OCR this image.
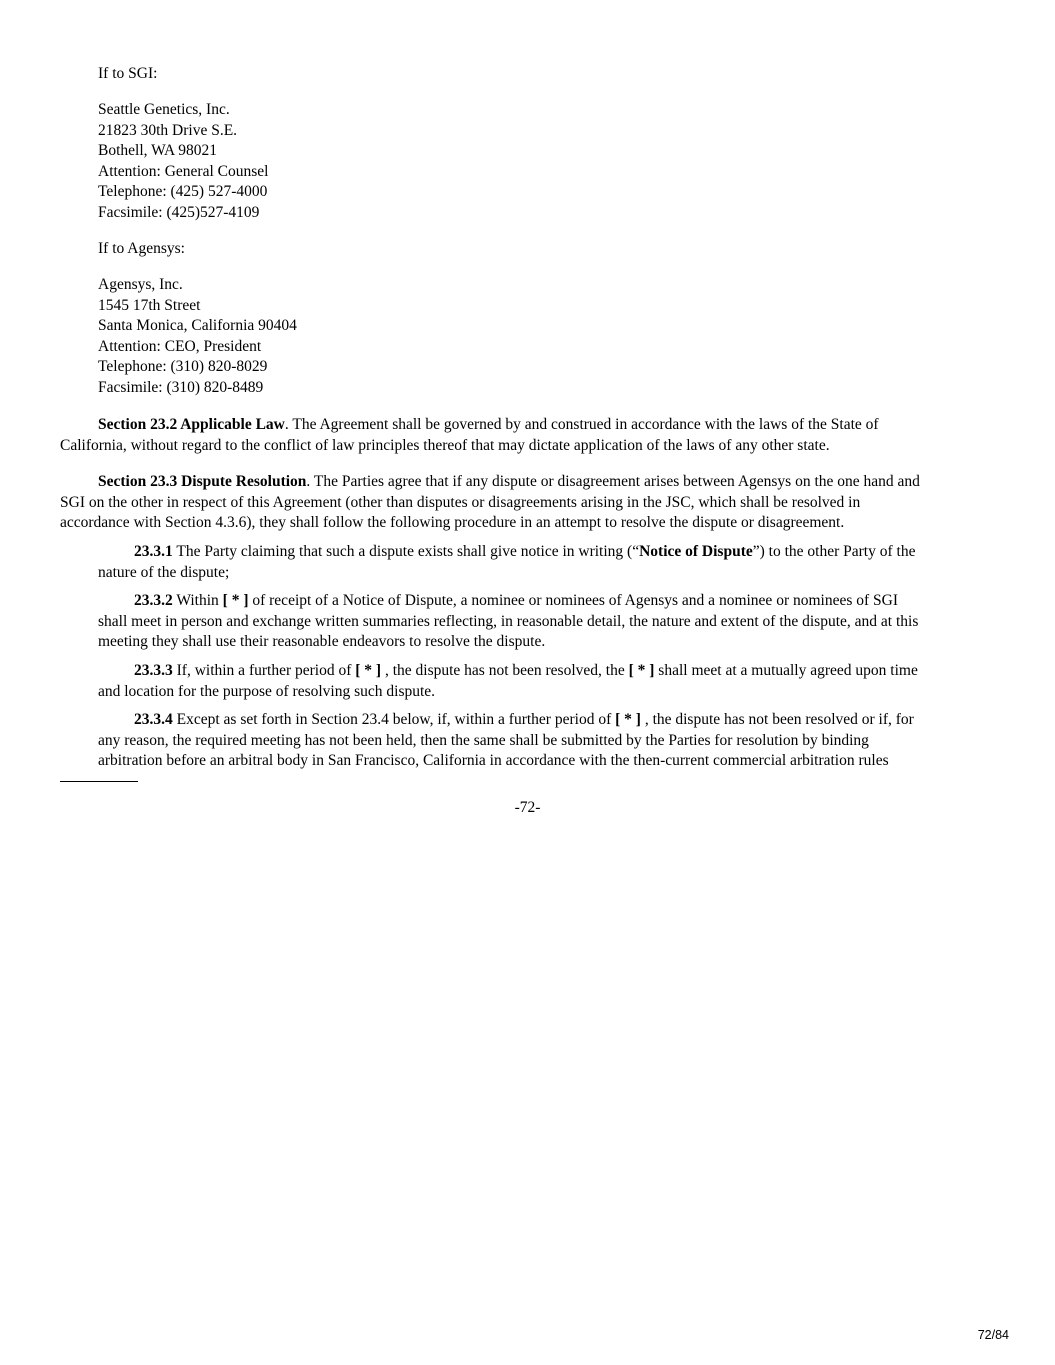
If to SGI:
Seattle Genetics, Inc.
21823 30th Drive S.E.
Bothell, WA 98021
Attention: General Counsel
Telephone: (425) 527-4000
Facsimile: (425)527-4109
If to Agensys:
Agensys, Inc.
1545 17th Street
Santa Monica, California 90404
Attention: CEO, President
Telephone: (310) 820-8029
Facsimile: (310) 820-8489
Section 23.2 Applicable Law. The Agreement shall be governed by and construed in accordance with the laws of the State of
California, without regard to the conflict of law principles thereof that may dictate application of the laws of any other state.
Section 23.3 Dispute Resolution. The Parties agree that if any dispute or disagreement arises between Agensys on the one hand and
SGI on the other in respect of this Agreement (other than disputes or disagreements arising in the JSC, which shall be resolved in
accordance with Section 4.3.6), they shall follow the following procedure in an attempt to resolve the dispute or disagreement.
23.3.1 The Party claiming that such a dispute exists shall give notice in writing (“Notice of Dispute”) to the other Party of the
nature of the dispute;
23.3.2 Within [ * ] of receipt of a Notice of Dispute, a nominee or nominees of Agensys and a nominee or nominees of SGI
shall meet in person and exchange written summaries reflecting, in reasonable detail, the nature and extent of the dispute, and at this
meeting they shall use their reasonable endeavors to resolve the dispute.
23.3.3 If, within a further period of [ * ] , the dispute has not been resolved, the [ * ] shall meet at a mutually agreed upon time
and location for the purpose of resolving such dispute.
23.3.4 Except as set forth in Section 23.4 below, if, within a further period of [ * ] , the dispute has not been resolved or if, for
any reason, the required meeting has not been held, then the same shall be submitted by the Parties for resolution by binding
arbitration before an arbitral body in San Francisco, California in accordance with the then-current commercial arbitration rules
-72-
72/84
